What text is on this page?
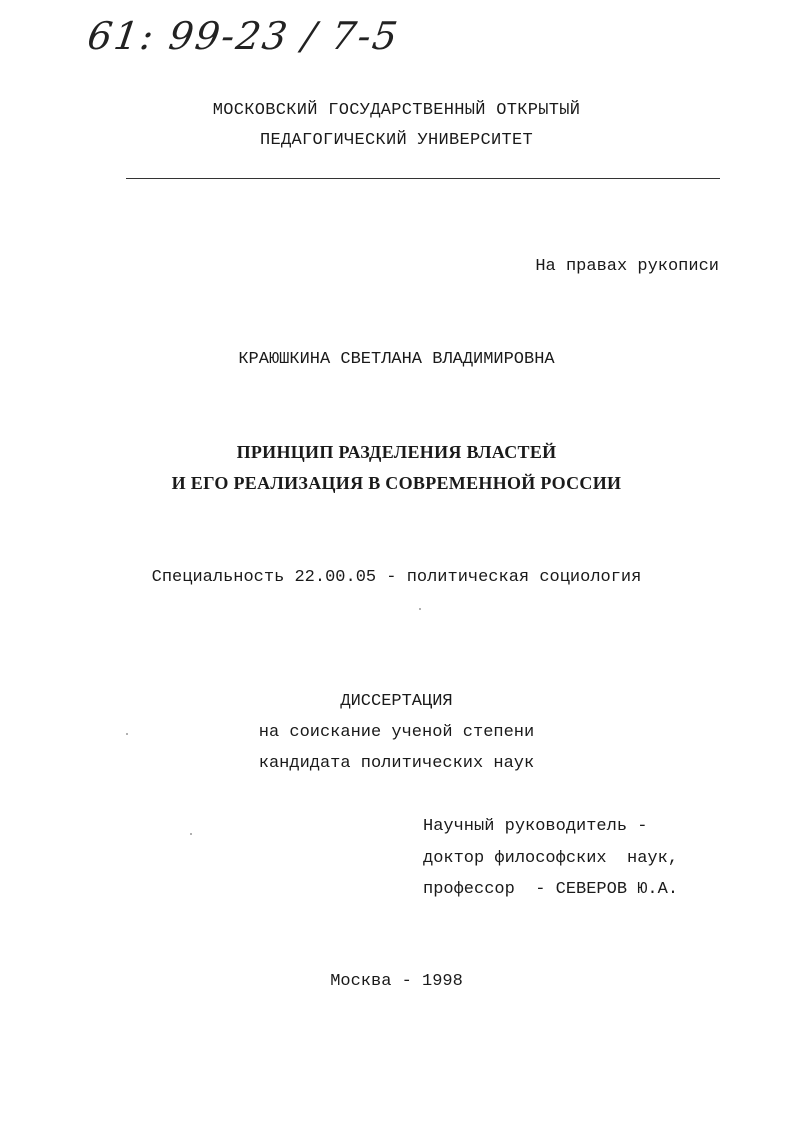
61: 99-23 / 7-5
МОСКОВСКИЙ ГОСУДАРСТВЕННЫЙ ОТКРЫТЫЙ
ПЕДАГОГИЧЕСКИЙ УНИВЕРСИТЕТ
На правах рукописи
КРАЮШКИНА СВЕТЛАНА ВЛАДИМИРОВНА
ПРИНЦИП РАЗДЕЛЕНИЯ ВЛАСТЕЙ
И ЕГО РЕАЛИЗАЦИЯ В СОВРЕМЕННОЙ РОССИИ
Специальность 22.00.05 - политическая социология
ДИССЕРТАЦИЯ
на соискание ученой степени
кандидата политических наук
Научный руководитель -
доктор философских  наук,
профессор  - СЕВЕРОВ Ю.А.
Москва - 1998
